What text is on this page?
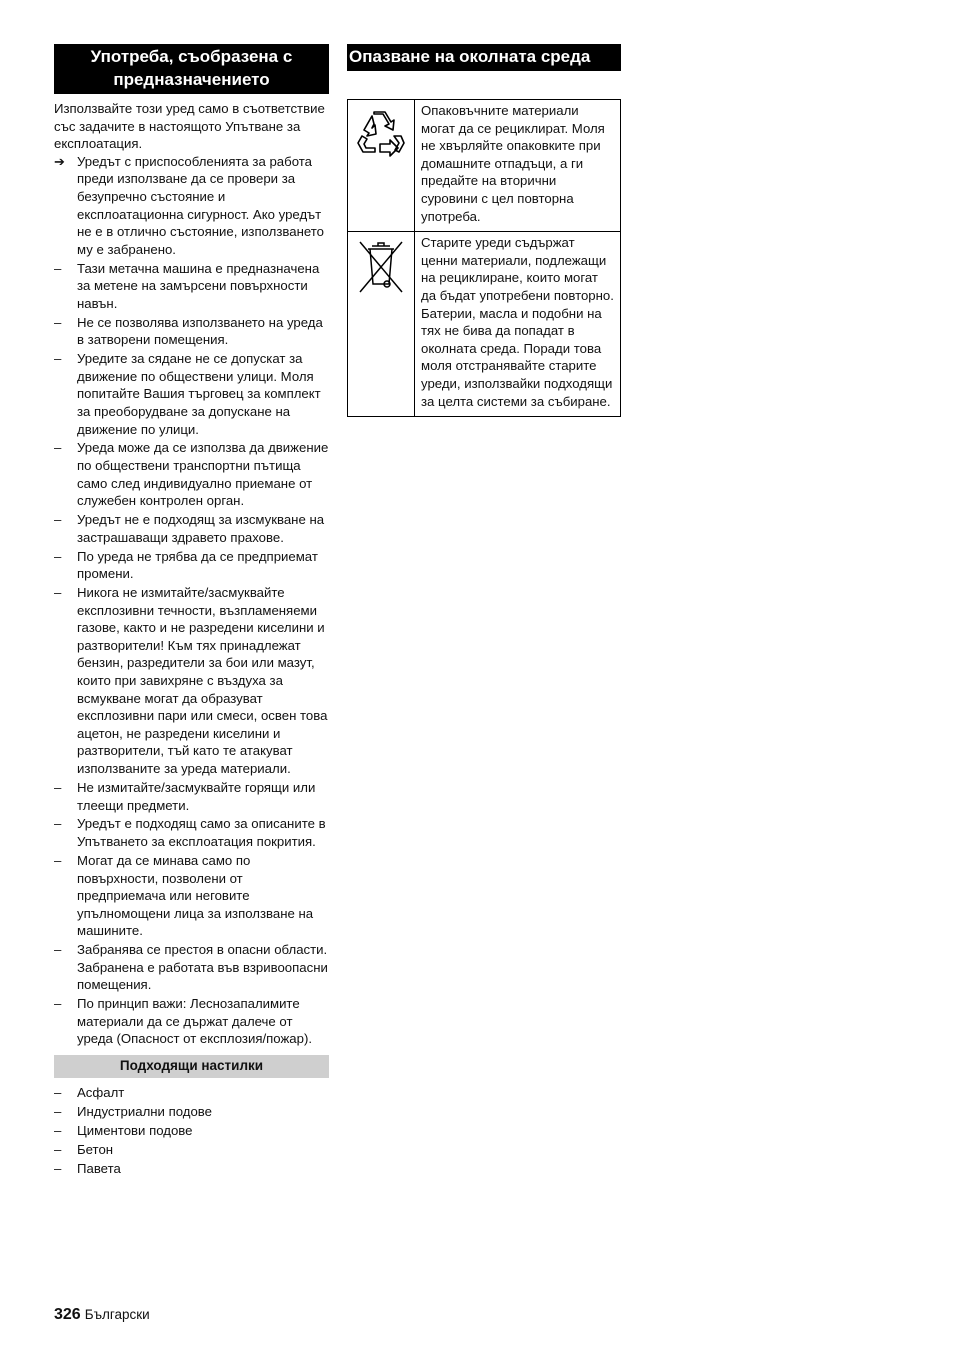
Употреба, съобразена с предназначението

Използвайте този уред само в съответствие със задачите в настоящото Упътване за експлоатация.

➔ Уредът с приспособленията за работа преди използване да се провери за безупречно състояние и експлоатационна сигурност. Ако уредът не е в отлично състояние, използването му е забранено.
–	Тази метачна машина е предназначена за метене на замърсени повърхности навън.
–	Не се позволява използването на уреда в затворени помещения.
–	Уредите за сядане не се допускат за движение по обществени улици. Моля попитайте Вашия търговец за комплект за преоборудване за допускане на движение по улици.
–	Уреда може да се използва да движение по обществени транспортни пътища само след индивидуално приемане от служебен контролен орган.
–	Уредът не е подходящ за изсмукване на застрашаващи здравето прахове.
–	По уреда не трябва да се предприемат промени.
–	Никога не измитайте/засмуквайте експлозивни течности, възпламеняеми газове, както и не разредени киселини и разтворители! Към тях принадлежат бензин, разредители за бои или мазут, които при завихряне с въздуха за всмукване могат да образуват експлозивни пари или смеси, освен това ацетон, не разредени киселини и разтворители, тъй като те атакуват използваните за уреда материали.
–	Не измитайте/засмуквайте горящи или тлеещи предмети.
–	Уредът е подходящ само за описаните в Упътването за експлоатация покрития.
–	Могат да се минава само по повърхности, позволени от предприемача или неговите упълномощени лица за използване на машините.
–	Забранява се престоя в опасни области. Забранена е работата във взривоопасни помещения.
–	По принцип важи: Леснозапалимите материали да се държат далече от уреда (Опасност от експлозия/пожар).
Подходящи настилки
–	Асфалт
–	Индустриални подове
–	Циментови подове
–	Бетон
–	Павета
Опазване на околната среда
	Опаковъчните материали могат да се рециклират. Моля не хвърляйте опаковките при домашните отпадъци, а ги предайте на вторични суровини с цел повторна употреба.
	Старите уреди съдържат ценни материали, подлежащи на рециклиране, които могат да бъдат употребени повторно. Батерии, масла и подобни на тях не бива да попадат в околната среда. Поради това моля отстранявайте старите уреди, използвайки подходящи за целта системи за събиране.
326 Български
